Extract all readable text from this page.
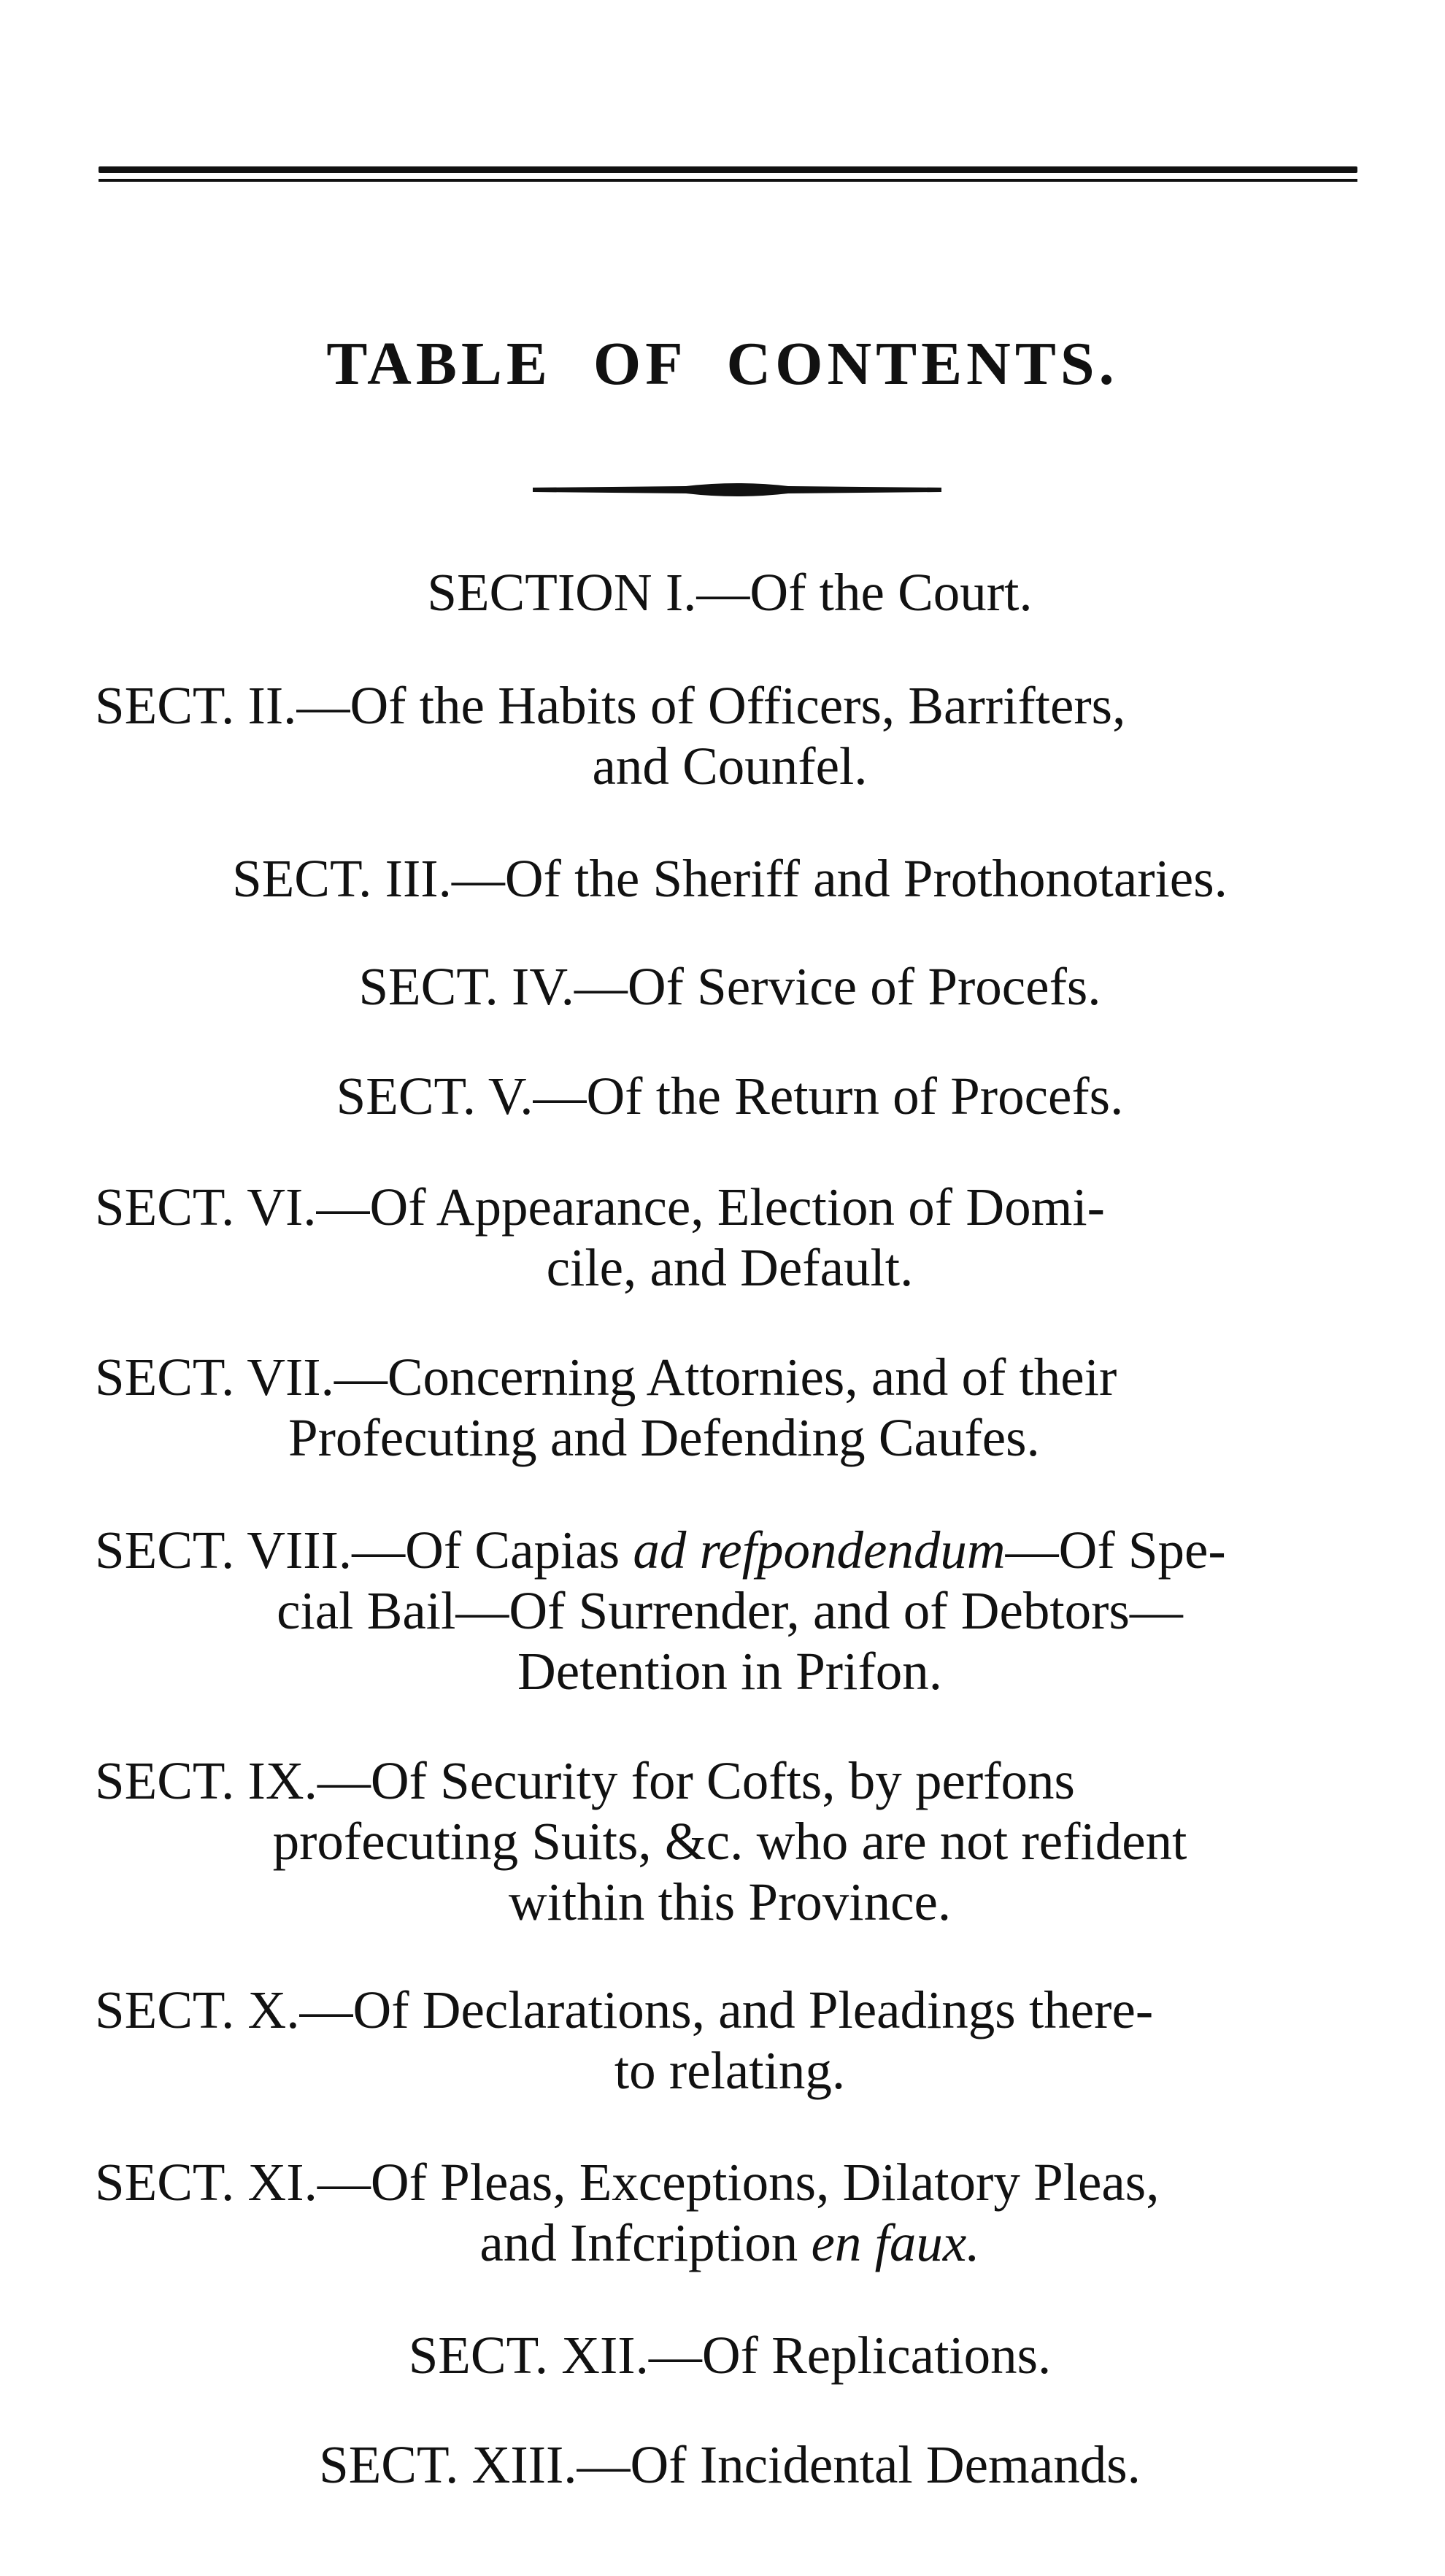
TABLE OF CONTENTS.
SECTION I.—Of the Court.
SECT. II.—Of the Habits of Officers, Barrifters,
and Counfel.
SECT. III.—Of the Sheriff and Prothonotaries.
SECT. IV.—Of Service of Procefs.
SECT. V.—Of the Return of Procefs.
SECT. VI.—Of Appearance, Election of Domi-
cile, and Default.
SECT. VII.—Concerning Attornies, and of their
Profecuting and Defending Caufes.
SECT. VIII.—Of Capias ad refpondendum—Of Spe-
cial Bail—Of Surrender, and of Debtors—
Detention in Prifon.
SECT. IX.—Of Security for Cofts, by perfons
profecuting Suits, &c. who are not refident
within this Province.
SECT. X.—Of Declarations, and Pleadings there-
to relating.
SECT. XI.—Of Pleas, Exceptions, Dilatory Pleas,
and Infcription en faux.
SECT. XII.—Of Replications.
SECT. XIII.—Of Incidental Demands.
